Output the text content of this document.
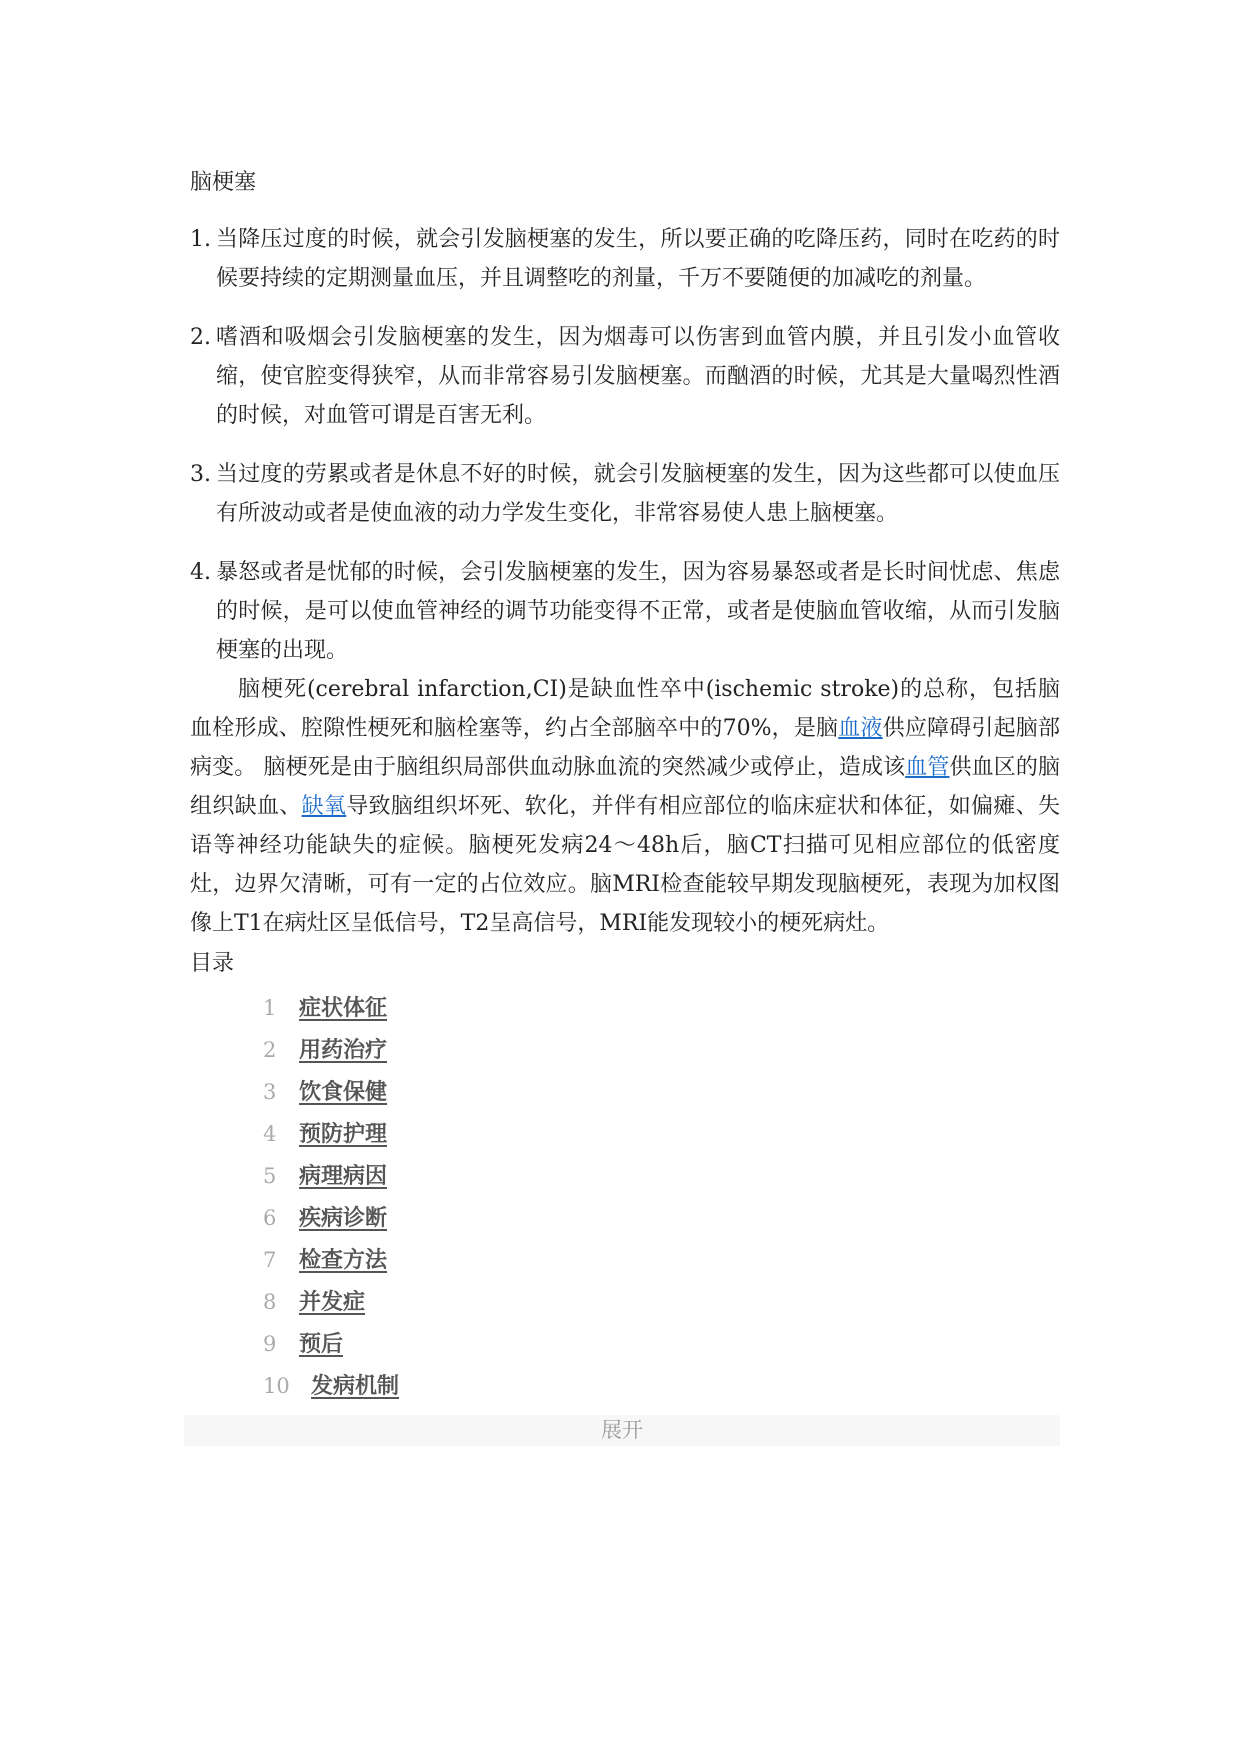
脑梗塞
1. 当降压过度的时候，就会引发脑梗塞的发生，所以要正确的吃降压药，同时在吃药的时候要持续的定期测量血压，并且调整吃的剂量，千万不要随便的加减吃的剂量。
2. 嗜酒和吸烟会引发脑梗塞的发生，因为烟毒可以伤害到血管内膜，并且引发小血管收缩，使官腔变得狭窄，从而非常容易引发脑梗塞。而酗酒的时候，尤其是大量喝烈性酒的时候，对血管可谓是百害无利。
3. 当过度的劳累或者是休息不好的时候，就会引发脑梗塞的发生，因为这些都可以使血压有所波动或者是使血液的动力学发生变化，非常容易使人患上脑梗塞。
4. 暴怒或者是忧郁的时候，会引发脑梗塞的发生，因为容易暴怒或者是长时间忧虑、焦虑的时候，是可以使血管神经的调节功能变得不正常，或者是使脑血管收缩，从而引发脑梗塞的出现。

脑梗死(cerebral infarction,CI)是缺血性卒中(ischemic stroke)的总称，包括脑血栓形成、腔隙性梗死和脑栓塞等，约占全部脑卒中的70%，是脑血液供应障碍引起脑部病变。 脑梗死是由于脑组织局部供血动脉血流的突然减少或停止，造成该血管供血区的脑组织缺血、缺氧导致脑组织坏死、软化，并伴有相应部位的临床症状和体征，如偏瘫、失语等神经功能缺失的症候。脑梗死发病24～48h后，脑CT扫描可见相应部位的低密度灶，边界欠清晰，可有一定的占位效应。脑MRI检查能较早期发现脑梗死，表现为加权图像上T1在病灶区呈低信号，T2呈高信号，MRI能发现较小的梗死病灶。

目录
1 症状体征
2 用药治疗
3 饮食保健
4 预防护理
5 病理病因
6 疾病诊断
7 检查方法
8 并发症
9 预后
10 发病机制
展开
